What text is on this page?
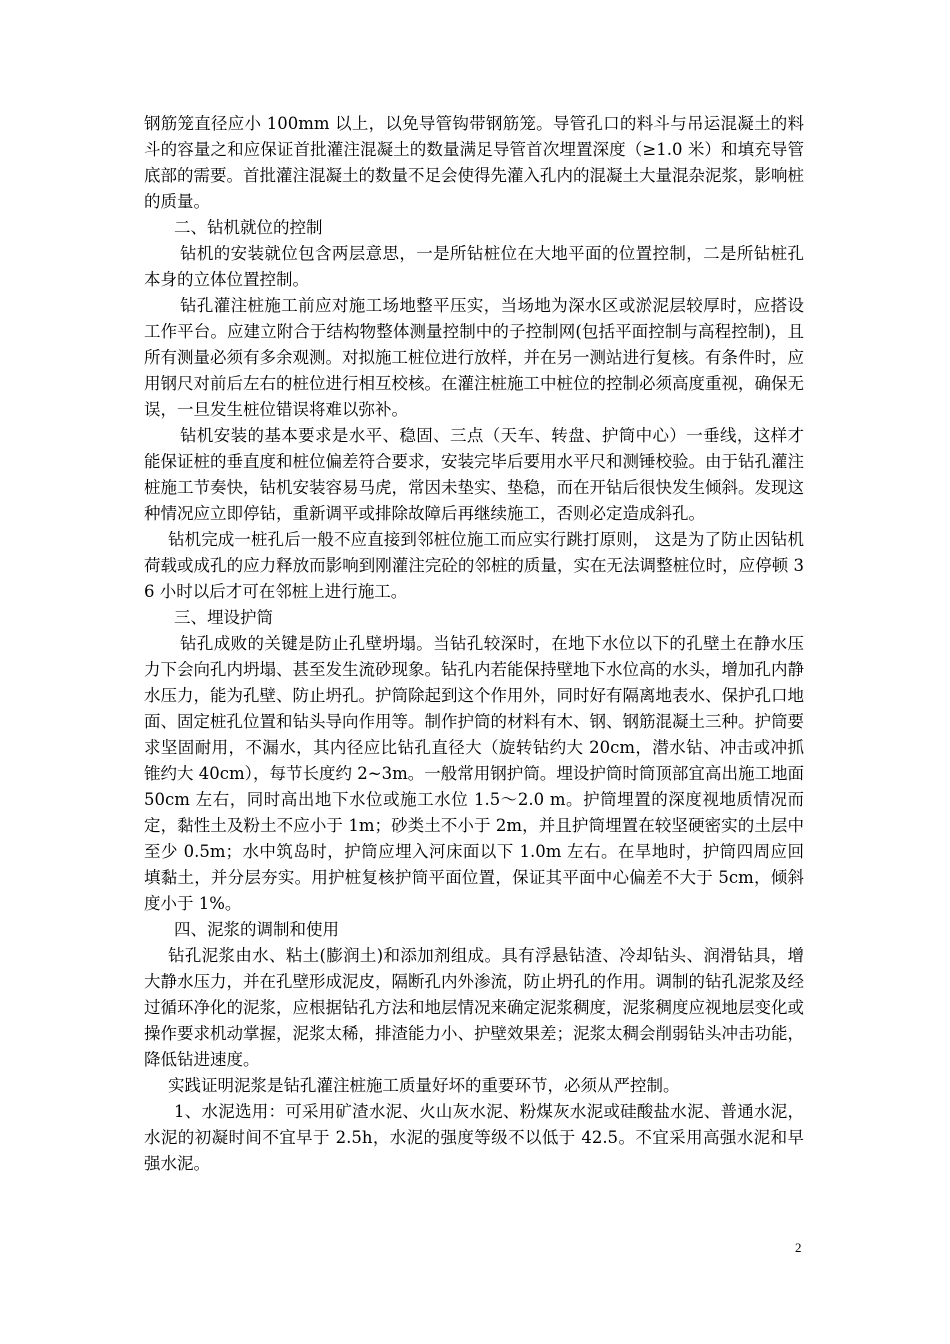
钢筋笼直径应小 100mm 以上，以免导管钩带钢筋笼。导管孔口的料斗与吊运混凝土的料斗的容量之和应保证首批灌注混凝土的数量满足导管首次埋置深度（≥1.0 米）和填充导管底部的需要。首批灌注混凝土的数量不足会使得先灌入孔内的混凝土大量混杂泥浆，影响桩的质量。

二、钻机就位的控制

钻机的安装就位包含两层意思，一是所钻桩位在大地平面的位置控制，二是所钻桩孔本身的立体位置控制。

钻孔灌注桩施工前应对施工场地整平压实，当场地为深水区或淤泥层较厚时，应搭设工作平台。应建立附合于结构物整体测量控制中的子控制网(包括平面控制与高程控制)，且所有测量必须有多余观测。对拟施工桩位进行放样，并在另一测站进行复核。有条件时，应用钢尺对前后左右的桩位进行相互校核。在灌注桩施工中桩位的控制必须高度重视，确保无误，一旦发生桩位错误将难以弥补。

钻机安装的基本要求是水平、稳固、三点（天车、转盘、护筒中心）一垂线，这样才能保证桩的垂直度和桩位偏差符合要求，安装完毕后要用水平尺和测锤校验。由于钻孔灌注桩施工节奏快，钻机安装容易马虎，常因未垫实、垫稳，而在开钻后很快发生倾斜。发现这种情况应立即停钻，重新调平或排除故障后再继续施工，否则必定造成斜孔。

钻机完成一桩孔后一般不应直接到邻桩位施工而应实行跳打原则， 这是为了防止因钻机荷载或成孔的应力释放而影响到刚灌注完砼的邻桩的质量，实在无法调整桩位时，应停顿 36 小时以后才可在邻桩上进行施工。

三、埋设护筒

钻孔成败的关键是防止孔壁坍塌。当钻孔较深时，在地下水位以下的孔壁土在静水压力下会向孔内坍塌、甚至发生流砂现象。钻孔内若能保持壁地下水位高的水头，增加孔内静水压力，能为孔壁、防止坍孔。护筒除起到这个作用外，同时好有隔离地表水、保护孔口地面、固定桩孔位置和钻头导向作用等。制作护筒的材料有木、钢、钢筋混凝土三种。护筒要求坚固耐用，不漏水，其内径应比钻孔直径大（旋转钻约大 20cm，潜水钻、冲击或冲抓锥约大 40cm），每节长度约 2~3m。一般常用钢护筒。埋设护筒时筒顶部宜高出施工地面 50cm 左右，同时高出地下水位或施工水位 1.5～2.0 m。护筒埋置的深度视地质情况而定，黏性土及粉土不应小于 1m；砂类土不小于 2m，并且护筒埋置在较坚硬密实的土层中至少 0.5m；水中筑岛时，护筒应埋入河床面以下 1.0m 左右。在旱地时，护筒四周应回填黏土，并分层夯实。用护桩复核护筒平面位置，保证其平面中心偏差不大于 5cm，倾斜度小于 1%。

四、泥浆的调制和使用

钻孔泥浆由水、粘土(膨润土)和添加剂组成。具有浮悬钻渣、冷却钻头、润滑钻具，增大静水压力，并在孔壁形成泥皮，隔断孔内外渗流，防止坍孔的作用。调制的钻孔泥浆及经过循环净化的泥浆，应根据钻孔方法和地层情况来确定泥浆稠度，泥浆稠度应视地层变化或操作要求机动掌握，泥浆太稀，排渣能力小、护壁效果差；泥浆太稠会削弱钻头冲击功能，降低钻进速度。

实践证明泥浆是钻孔灌注桩施工质量好坏的重要环节，必须从严控制。

1、水泥选用：可采用矿渣水泥、火山灰水泥、粉煤灰水泥或硅酸盐水泥、普通水泥，水泥的初凝时间不宜早于 2.5h，水泥的强度等级不以低于 42.5。不宜采用高强水泥和早强水泥。

2
